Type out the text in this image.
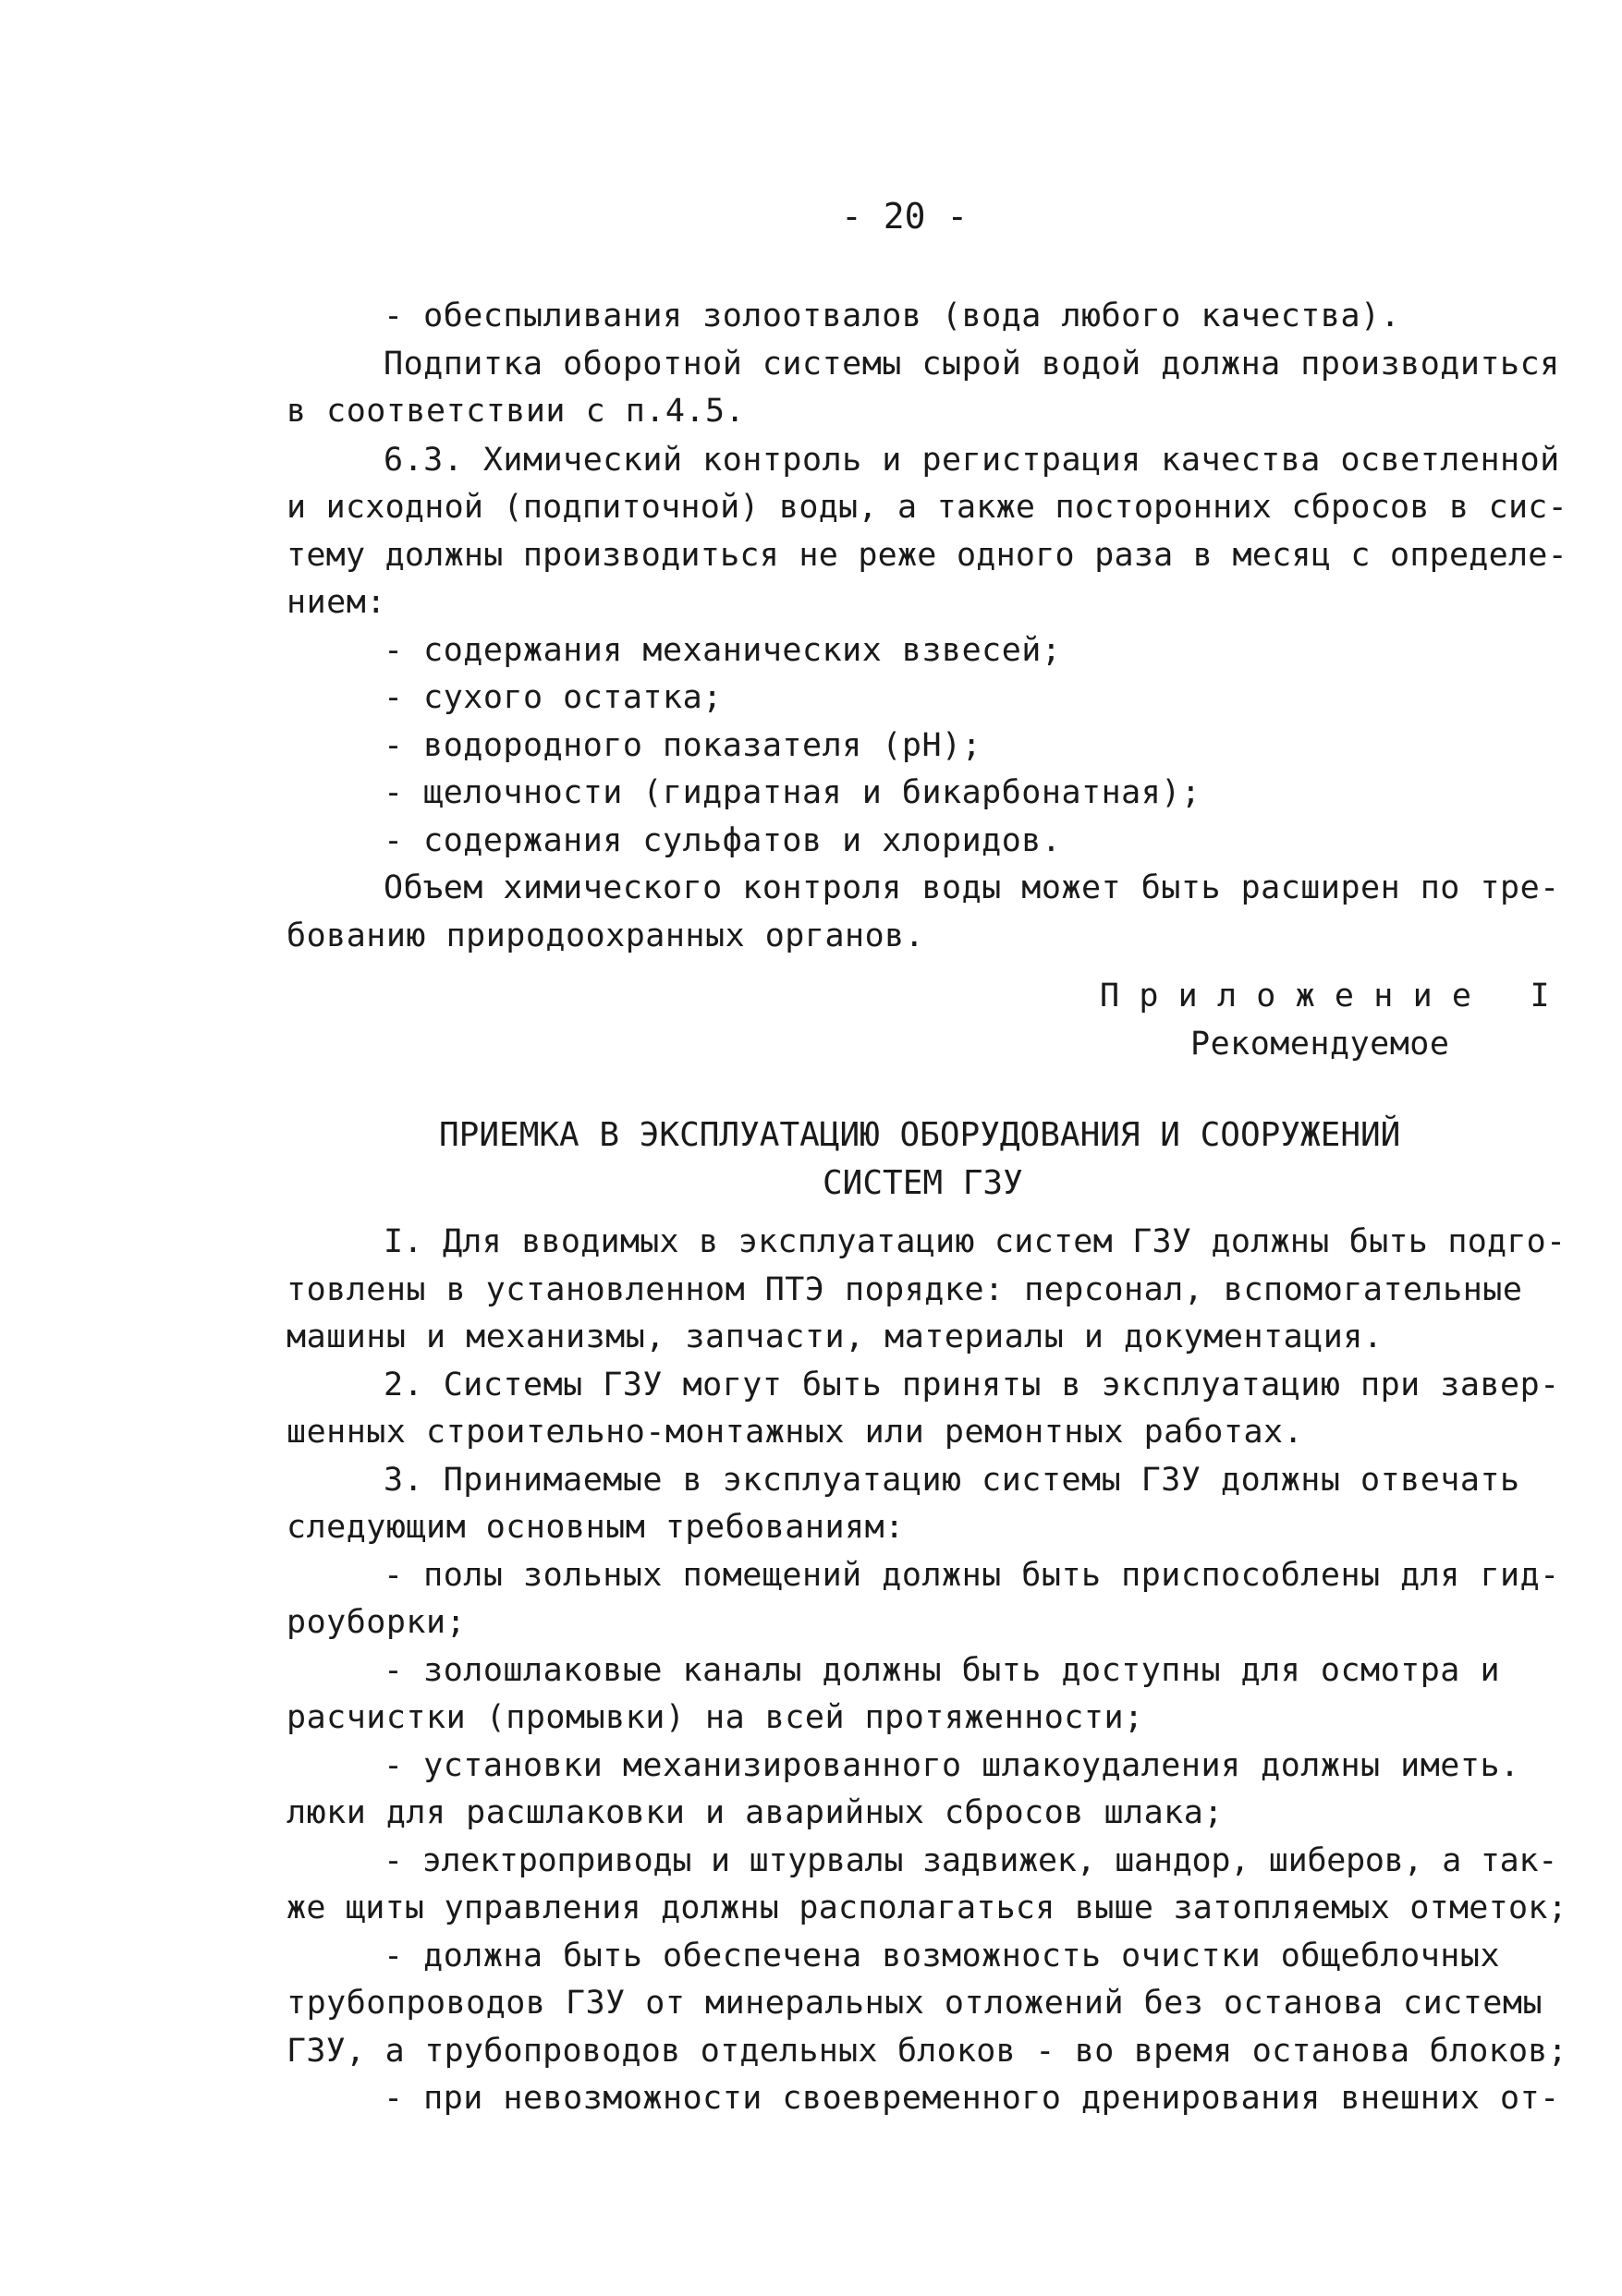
- 20 -
- обеспыливания золоотвалов (вода любого качества).
Подпитка оборотной системы сырой водой должна производиться
в соответствии с п.4.5.
6.3. Химический контроль и регистрация качества осветленной
и исходной (подпиточной) воды, а также посторонних сбросов в сис-
тему должны производиться не реже одного раза в месяц с определе-
нием:
- содержания механических взвесей;
- сухого остатка;
- водородного показателя (рН);
- щелочности (гидратная и бикарбонатная);
- содержания сульфатов и хлоридов.
Объем химического контроля воды может быть расширен по тре-
бованию природоохранных органов.
Приложение I
Рекомендуемое
ПРИЕМКА В ЭКСПЛУАТАЦИЮ ОБОРУДОВАНИЯ И СООРУЖЕНИЙ
СИСТЕМ ГЗУ
I. Для вводимых в эксплуатацию систем ГЗУ должны быть подго-
товлены в установленном ПТЭ порядке: персонал, вспомогательные
машины и механизмы, запчасти, материалы и документация.
2. Системы ГЗУ могут быть приняты в эксплуатацию при завер-
шенных строительно-монтажных или ремонтных работах.
3. Принимаемые в эксплуатацию системы ГЗУ должны отвечать
следующим основным требованиям:
- полы зольных помещений должны быть приспособлены для гид-
роуборки;
- золошлаковые каналы должны быть доступны для осмотра и
расчистки (промывки) на всей протяженности;
- установки механизированного шлакоудаления должны иметь.
люки для расшлаковки и аварийных сбросов шлака;
- электроприводы и штурвалы задвижек, шандор, шиберов, а так-
же щиты управления должны располагаться выше затопляемых отметок;
- должна быть обеспечена возможность очистки общеблочных
трубопроводов ГЗУ от минеральных отложений без останова системы
ГЗУ, а трубопроводов отдельных блоков - во время останова блоков;
- при невозможности своевременного дренирования внешних от-
